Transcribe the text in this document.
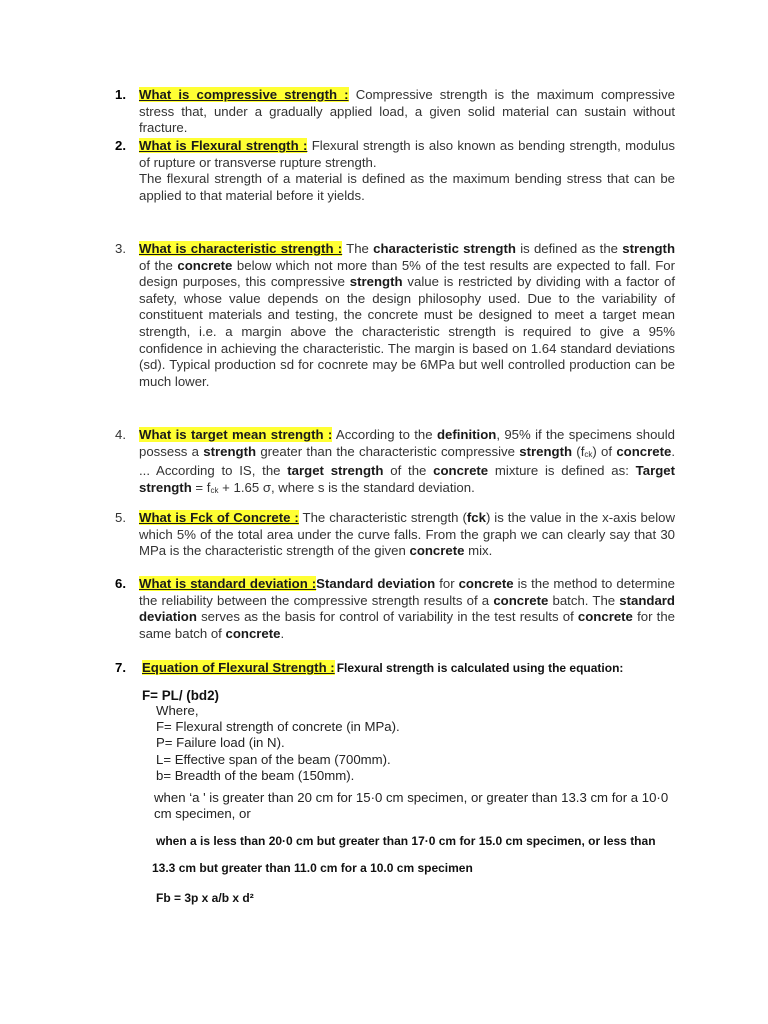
1. What is compressive strength : Compressive strength is the maximum compressive stress that, under a gradually applied load, a given solid material can sustain without fracture.
2. What is Flexural strength : Flexural strength is also known as bending strength, modulus of rupture or transverse rupture strength.
The flexural strength of a material is defined as the maximum bending stress that can be applied to that material before it yields.
3. What is characteristic strength : The characteristic strength is defined as the strength of the concrete below which not more than 5% of the test results are expected to fall. For design purposes, this compressive strength value is restricted by dividing with a factor of safety, whose value depends on the design philosophy used. Due to the variability of constituent materials and testing, the concrete must be designed to meet a target mean strength, i.e. a margin above the characteristic strength is required to give a 95% confidence in achieving the characteristic. The margin is based on 1.64 standard deviations (sd). Typical production sd for cocnrete may be 6MPa but well controlled production can be much lower.
4. What is target mean strength : According to the definition, 95% if the specimens should possess a strength greater than the characteristic compressive strength $(f_{ck})$ of concrete. ... According to IS, the target strength of the concrete mixture is defined as: Target strength = $f_{ck} + 1.65$ σ, where s is the standard deviation.
5. What is Fck of Concrete : The characteristic strength (fck) is the value in the x-axis below which 5% of the total area under the curve falls. From the graph we can clearly say that 30 MPa is the characteristic strength of the given concrete mix.
6. What is standard deviation :Standard deviation for concrete is the method to determine the reliability between the compressive strength results of a concrete batch. The standard deviation serves as the basis for control of variability in the test results of concrete for the same batch of concrete.
7. Equation of Flexural Strength : Flexural strength is calculated using the equation:
F= PL/ (bd2)
Where,
F= Flexural strength of concrete (in MPa).
P= Failure load (in N).
L= Effective span of the beam (700mm).
b= Breadth of the beam (150mm).
when ‘a ' is greater than 20 cm for 15·0 cm specimen, or greater than 13.3 cm for a 10·0 cm specimen, or
when a is less than 20·0 cm but greater than 17·0 cm for 15.0 cm specimen, or less than
13.3 cm but greater than 11.0 cm for a 10.0 cm specimen
Fb = 3p x a/b x d²
